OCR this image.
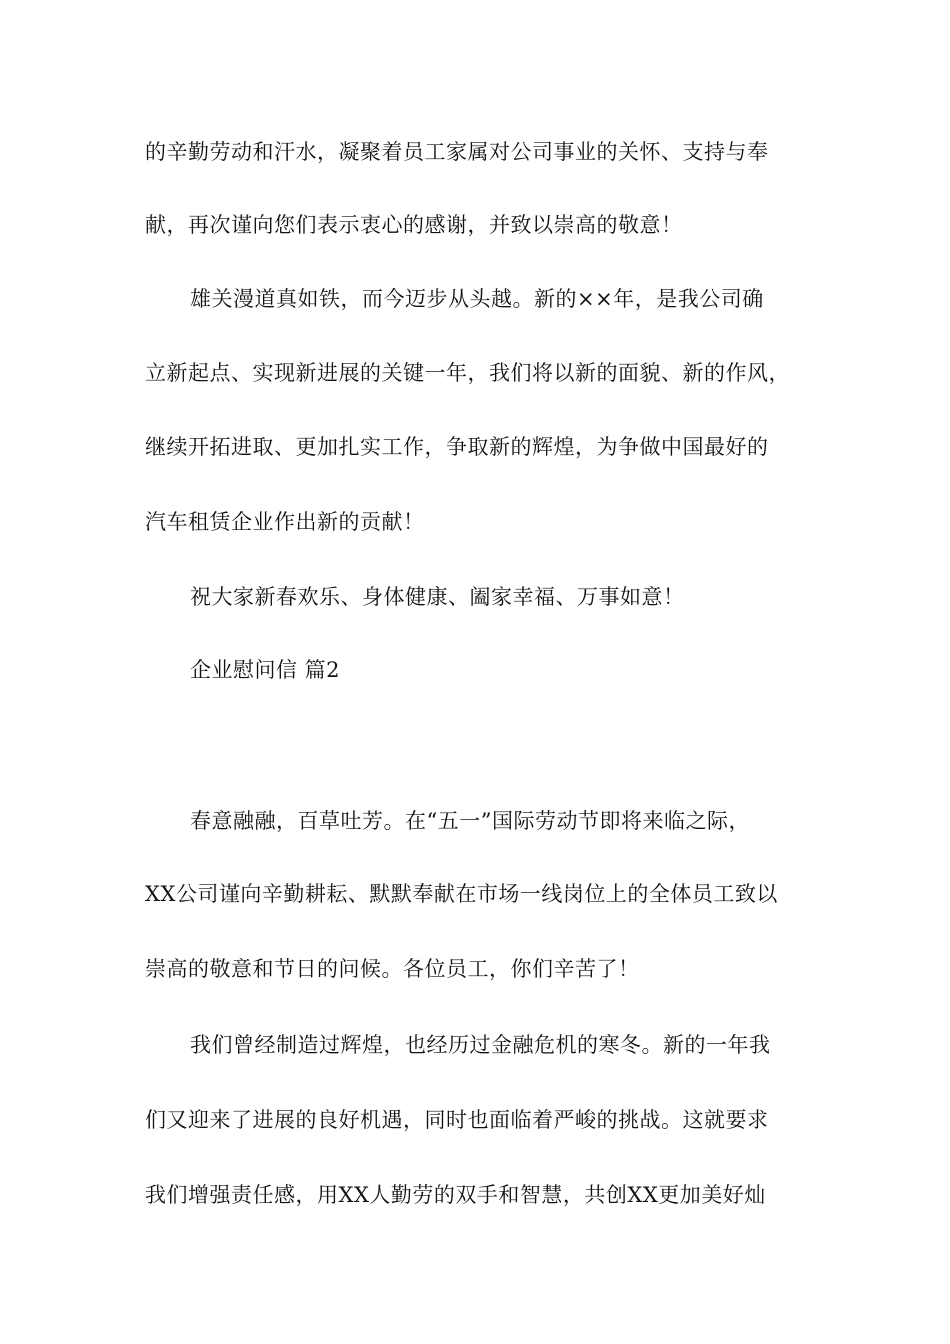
的辛勤劳动和汗水，凝聚着员工家属对公司事业的关怀、支持与奉
献，再次谨向您们表示衷心的感谢，并致以崇高的敬意！
雄关漫道真如铁，而今迈步从头越。新的××年，是我公司确
立新起点、实现新进展的关键一年，我们将以新的面貌、新的作风，
继续开拓进取、更加扎实工作，争取新的辉煌，为争做中国最好的
汽车租赁企业作出新的贡献！
祝大家新春欢乐、身体健康、阖家幸福、万事如意！
企业慰问信 篇2
春意融融，百草吐芳。在“五一”国际劳动节即将来临之际，
XX公司谨向辛勤耕耘、默默奉献在市场一线岗位上的全体员工致以
崇高的敬意和节日的问候。各位员工，你们辛苦了！
我们曾经制造过辉煌，也经历过金融危机的寒冬。新的一年我
们又迎来了进展的良好机遇，同时也面临着严峻的挑战。这就要求
我们增强责任感，用XX人勤劳的双手和智慧，共创XX更加美好灿
